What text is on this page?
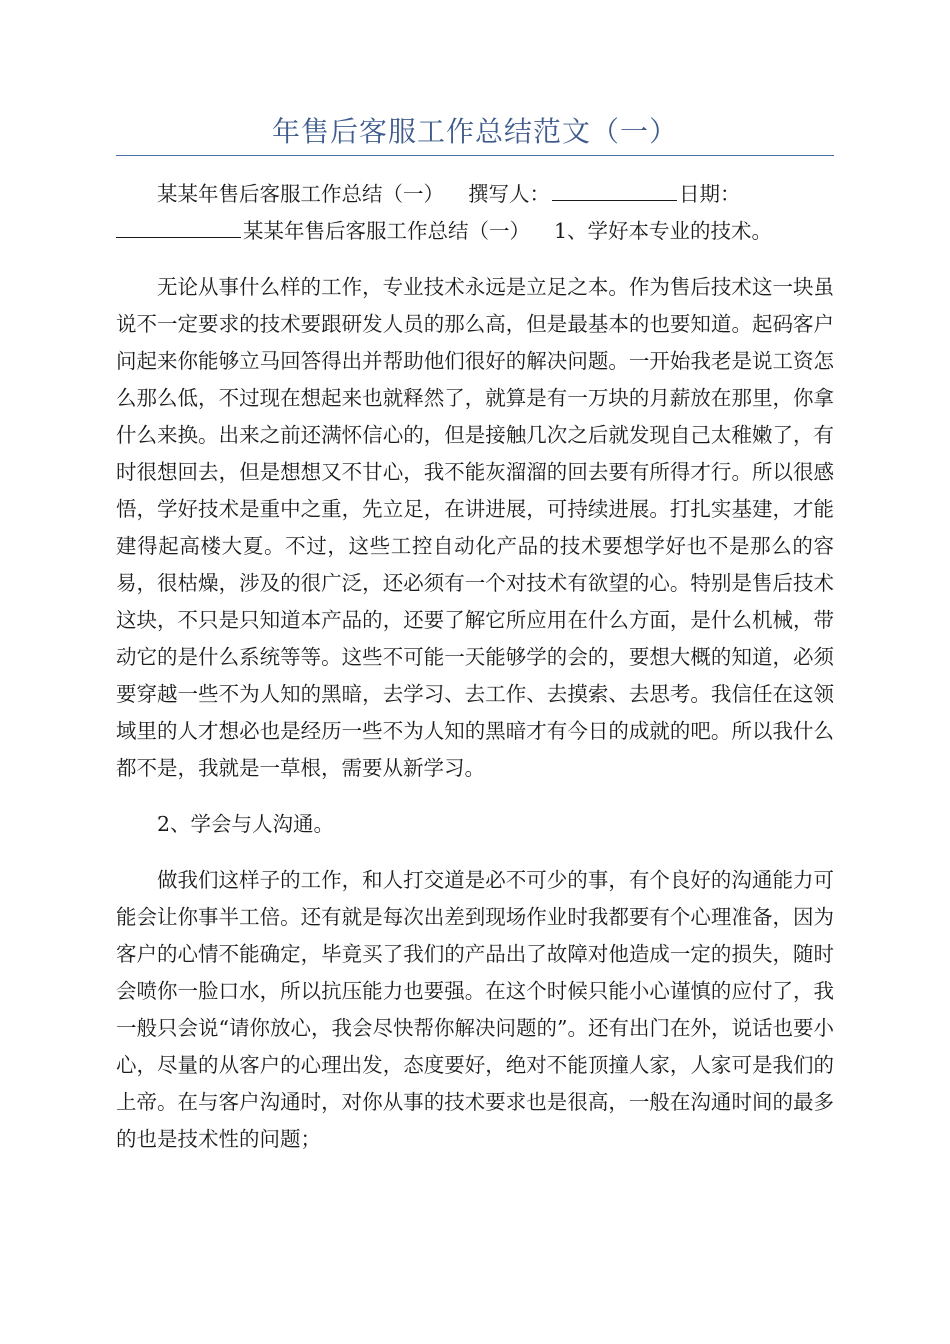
年售后客服工作总结范文（一）

某某年售后客服工作总结（一） 撰写人：	日期：
某某年售后客服工作总结（一） 1、学好本专业的技术。

无论从事什么样的工作，专业技术永远是立足之本。作为售后技术这一块虽说不一定要求的技术要跟研发人员的那么高，但是最基本的也要知道。起码客户问起来你能够立马回答得出并帮助他们很好的解决问题。一开始我老是说工资怎么那么低，不过现在想起来也就释然了，就算是有一万块的月薪放在那里，你拿什么来换。出来之前还满怀信心的，但是接触几次之后就发现自己太稚嫩了，有时很想回去，但是想想又不甘心，我不能灰溜溜的回去要有所得才行。所以很感悟，学好技术是重中之重，先立足，在讲进展，可持续进展。打扎实基建，才能建得起高楼大夏。不过，这些工控自动化产品的技术要想学好也不是那么的容易，很枯燥，涉及的很广泛，还必须有一个对技术有欲望的心。特别是售后技术这块，不只是只知道本产品的，还要了解它所应用在什么方面，是什么机械，带动它的是什么系统等等。这些不可能一天能够学的会的，要想大概的知道，必须要穿越一些不为人知的黑暗，去学习、去工作、去摸索、去思考。我信任在这领域里的人才想必也是经历一些不为人知的黑暗才有今日的成就的吧。所以我什么都不是，我就是一草根，需要从新学习。

2、学会与人沟通。

做我们这样子的工作，和人打交道是必不可少的事，有个良好的沟通能力可能会让你事半工倍。还有就是每次出差到现场作业时我都要有个心理准备，因为客户的心情不能确定，毕竟买了我们的产品出了故障对他造成一定的损失，随时会喷你一脸口水，所以抗压能力也要强。在这个时候只能小心谨慎的应付了，我一般只会说“请你放心，我会尽快帮你解决问题的”。还有出门在外，说话也要小心，尽量的从客户的心理出发，态度要好，绝对不能顶撞人家，人家可是我们的上帝。在与客户沟通时，对你从事的技术要求也是很高，一般在沟通时间的最多的也是技术性的问题；
